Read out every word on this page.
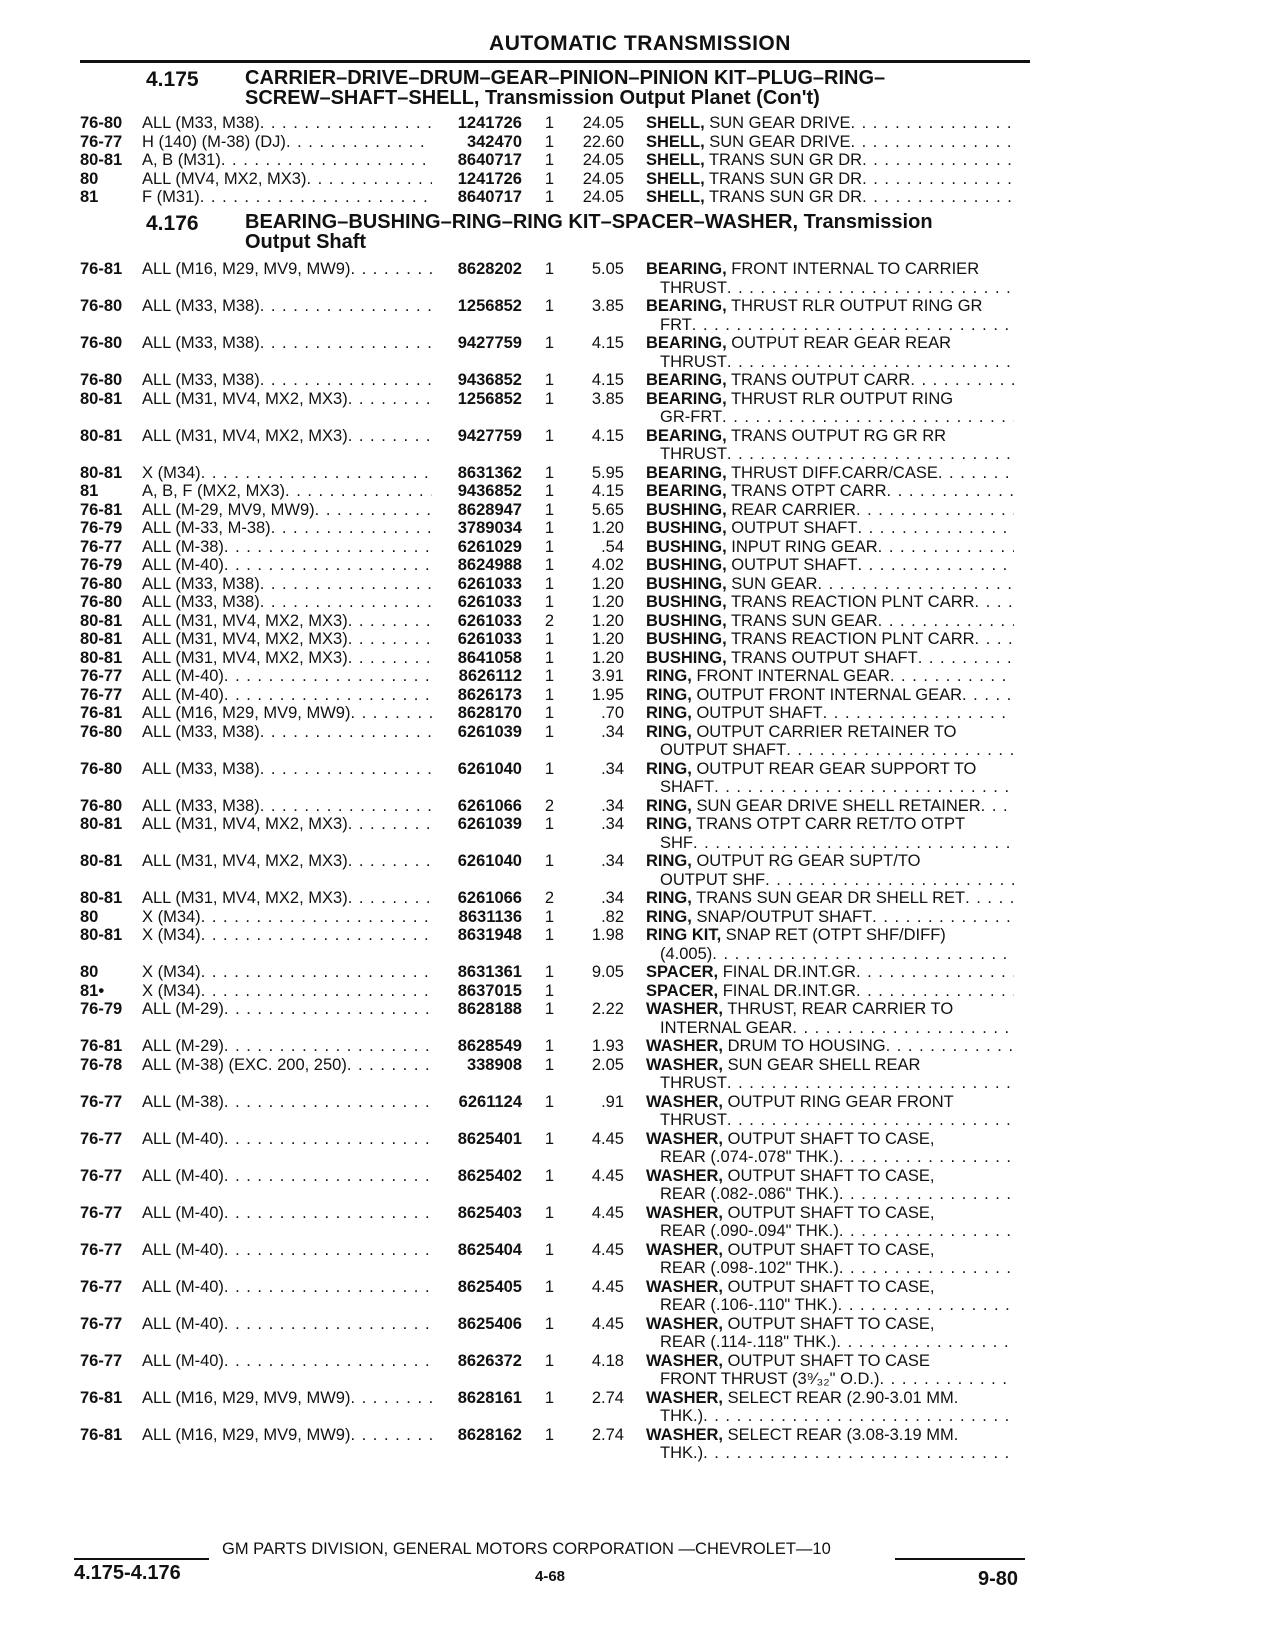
AUTOMATIC TRANSMISSION
4.175 CARRIER–DRIVE–DRUM–GEAR–PINION–PINION KIT–PLUG–RING–
SCREW–SHAFT–SHELL, Transmission Output Planet (Con't)
76-80	ALL (M33, M38) . . .	1241726	1	24.05 SHELL, SUN GEAR DRIVE
. . .
76-77	H (140) (M-38) (DJ) . . .	342470	1	22.60 SHELL, SUN GEAR DRIVE
. . .
80-81	A, B (M31) . . .	8640717	1	24.05 SHELL, TRANS SUN GR DR
. . .
80	ALL (MV4, MX2, MX3) . . .	1241726	1	24.05 SHELL, TRANS SUN GR DR
. . .
81	F (M31) . . .	8640717	1	24.05 SHELL, TRANS SUN GR DR
. . .
4.176 BEARING–BUSHING–RING–RING KIT–SPACER–WASHER, Transmission
Output Shaft
76-81	ALL (M16, M29, MV9, MW9) . . .	8628202	1	5.05 BEARING, FRONT INTERNAL TO CARRIER
THRUST
. . .
76-80	ALL (M33, M38) . . .	1256852	1	3.85 BEARING, THRUST RLR OUTPUT RING GR
FRT
. . .
76-80	ALL (M33, M38) . . .	9427759	1	4.15 BEARING, OUTPUT REAR GEAR REAR
THRUST
. . .
76-80	ALL (M33, M38) . . .	9436852	1	4.15 BEARING, TRANS OUTPUT CARR
. . .
80-81	ALL (M31, MV4, MX2, MX3) . . .	1256852	1	3.85 BEARING, THRUST RLR OUTPUT RING
GR-FRT
. . .
80-81	ALL (M31, MV4, MX2, MX3) . . .	9427759	1	4.15 BEARING, TRANS OUTPUT RG GR RR
THRUST
. . .
80-81	X (M34) . . .	8631362	1	5.95 BEARING, THRUST DIFF.CARR/CASE
. . .
81	A, B, F (MX2, MX3) . . .	9436852	1	4.15 BEARING, TRANS OTPT CARR
. . .
76-81	ALL (M-29, MV9, MW9) . . .	8628947	1	5.65 BUSHING, REAR CARRIER
. . .
76-79	ALL (M-33, M-38) . . .	3789034	1	1.20 BUSHING, OUTPUT SHAFT
. . .
76-77	ALL (M-38) . . .	6261029	1	.54 BUSHING, INPUT RING GEAR
. . .
76-79	ALL (M-40) . . .	8624988	1	4.02 BUSHING, OUTPUT SHAFT
. . .
76-80	ALL (M33, M38) . . .	6261033	1	1.20 BUSHING, SUN GEAR
. . .
76-80	ALL (M33, M38) . . .	6261033	1	1.20 BUSHING, TRANS REACTION PLNT CARR
. . .
80-81	ALL (M31, MV4, MX2, MX3) . . .	6261033	2	1.20 BUSHING, TRANS SUN GEAR
. . .
80-81	ALL (M31, MV4, MX2, MX3) . . .	6261033	1	1.20 BUSHING, TRANS REACTION PLNT CARR
. . .
80-81	ALL (M31, MV4, MX2, MX3) . . .	8641058	1	1.20 BUSHING, TRANS OUTPUT SHAFT
. . .
76-77	ALL (M-40) . . .	8626112	1	3.91 RING, FRONT INTERNAL GEAR
. . .
76-77	ALL (M-40) . . .	8626173	1	1.95 RING, OUTPUT FRONT INTERNAL GEAR
. . .
76-81	ALL (M16, M29, MV9, MW9) . . .	8628170	1	.70 RING, OUTPUT SHAFT
. . .
76-80	ALL (M33, M38) . . .	6261039	1	.34 RING, OUTPUT CARRIER RETAINER TO
OUTPUT SHAFT
. . .
76-80	ALL (M33, M38) . . .	6261040	1	.34 RING, OUTPUT REAR GEAR SUPPORT TO
SHAFT
. . .
76-80	ALL (M33, M38) . . .	6261066	2	.34 RING, SUN GEAR DRIVE SHELL RETAINER
. . .
80-81	ALL (M31, MV4, MX2, MX3) . . .	6261039	1	.34 RING, TRANS OTPT CARR RET/TO OTPT
SHF
. . .
80-81	ALL (M31, MV4, MX2, MX3) . . .	6261040	1	.34 RING, OUTPUT RG GEAR SUPT/TO
OUTPUT SHF
. . .
80-81	ALL (M31, MV4, MX2, MX3) . . .	6261066	2	.34 RING, TRANS SUN GEAR DR SHELL RET
. . .
80	X (M34) . . .	8631136	1	.82 RING, SNAP/OUTPUT SHAFT
. . .
80-81	X (M34) . . .	8631948	1	1.98 RING KIT, SNAP RET (OTPT SHF/DIFF)
(4.005)
. . .
80	X (M34) . . .	8631361	1	9.05 SPACER, FINAL DR.INT.GR
. . .
81•	X (M34) . . .	8637015	1	SPACER, FINAL DR.INT.GR
. . .
76-79	ALL (M-29) . . .	8628188	1	2.22 WASHER, THRUST, REAR CARRIER TO
INTERNAL GEAR
. . .
76-81	ALL (M-29) . . .	8628549	1	1.93 WASHER, DRUM TO HOUSING
. . .
76-78	ALL (M-38) (EXC. 200, 250) . . .	338908	1	2.05 WASHER, SUN GEAR SHELL REAR
THRUST
. . .
76-77	ALL (M-38) . . .	6261124	1	.91 WASHER, OUTPUT RING GEAR FRONT
THRUST
. . .
76-77	ALL (M-40) . . .	8625401	1	4.45 WASHER, OUTPUT SHAFT TO CASE,
REAR (.074-.078" THK.)
. . .
76-77	ALL (M-40) . . .	8625402	1	4.45 WASHER, OUTPUT SHAFT TO CASE,
REAR (.082-.086" THK.)
. . .
76-77	ALL (M-40) . . .	8625403	1	4.45 WASHER, OUTPUT SHAFT TO CASE,
REAR (.090-.094" THK.)
. . .
76-77	ALL (M-40) . . .	8625404	1	4.45 WASHER, OUTPUT SHAFT TO CASE,
REAR (.098-.102" THK.)
. . .
76-77	ALL (M-40) . . .	8625405	1	4.45 WASHER, OUTPUT SHAFT TO CASE,
REAR (.106-.110" THK.)
. . .
76-77	ALL (M-40) . . .	8625406	1	4.45 WASHER, OUTPUT SHAFT TO CASE,
REAR (.114-.118" THK.)
. . .
76-77	ALL (M-40) . . .	8626372	1	4.18 WASHER, OUTPUT SHAFT TO CASE
FRONT THRUST (3⁹⁄₃₂" O.D.)
. . .
76-81	ALL (M16, M29, MV9, MW9) . . .	8628161	1	2.74 WASHER, SELECT REAR (2.90-3.01 MM.
THK.)
. . .
76-81	ALL (M16, M29, MV9, MW9) . . .	8628162	1	2.74 WASHER, SELECT REAR (3.08-3.19 MM.
THK.)
. . .
GM PARTS DIVISION, GENERAL MOTORS CORPORATION —CHEVROLET—10
4.175-4.176	4-68	9-80
